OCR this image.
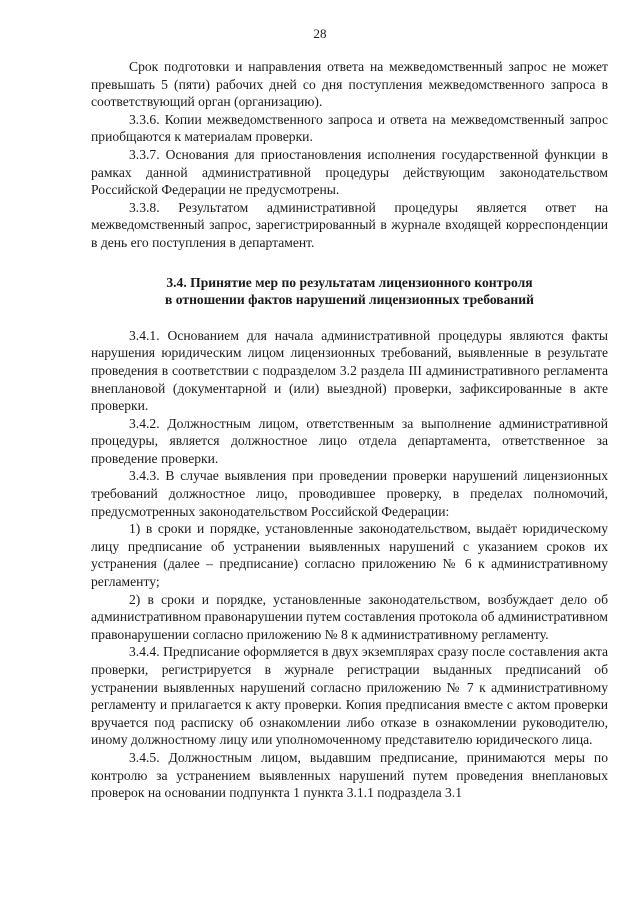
28

Срок подготовки и направления ответа на межведомственный запрос не может превышать 5 (пяти) рабочих дней со дня поступления межведомственного запроса в соответствующий орган (организацию).

3.3.6. Копии межведомственного запроса и ответа на межведомственный запрос приобщаются к материалам проверки.

3.3.7. Основания для приостановления исполнения государственной функции в рамках данной административной процедуры действующим законодательством Российской Федерации не предусмотрены.

3.3.8. Результатом административной процедуры является ответ на межведомственный запрос, зарегистрированный в журнале входящей корреспонденции в день его поступления в департамент.

3.4. Принятие мер по результатам лицензионного контроля
в отношении фактов нарушений лицензионных требований

3.4.1. Основанием для начала административной процедуры являются факты нарушения юридическим лицом лицензионных требований, выявленные в результате проведения в соответствии с подразделом 3.2 раздела III административного регламента внеплановой (документарной и (или) выездной) проверки, зафиксированные в акте проверки.

3.4.2. Должностным лицом, ответственным за выполнение административной процедуры, является должностное лицо отдела департамента, ответственное за проведение проверки.

3.4.3. В случае выявления при проведении проверки нарушений лицензионных требований должностное лицо, проводившее проверку, в пределах полномочий, предусмотренных законодательством Российской Федерации:

1) в сроки и порядке, установленные законодательством, выдаёт юридическому лицу предписание об устранении выявленных нарушений с указанием сроков их устранения (далее – предписание) согласно приложению № 6 к административному регламенту;

2) в сроки и порядке, установленные законодательством, возбуждает дело об административном правонарушении путем составления протокола об административном правонарушении согласно приложению № 8 к административному регламенту.

3.4.4. Предписание оформляется в двух экземплярах сразу после составления акта проверки, регистрируется в журнале регистрации выданных предписаний об устранении выявленных нарушений согласно приложению № 7 к административному регламенту и прилагается к акту проверки. Копия предписания вместе с актом проверки вручается под расписку об ознакомлении либо отказе в ознакомлении руководителю, иному должностному лицу или уполномоченному представителю юридического лица.

3.4.5. Должностным лицом, выдавшим предписание, принимаются меры по контролю за устранением выявленных нарушений путем проведения внеплановых проверок на основании подпункта 1 пункта 3.1.1 подраздела 3.1
